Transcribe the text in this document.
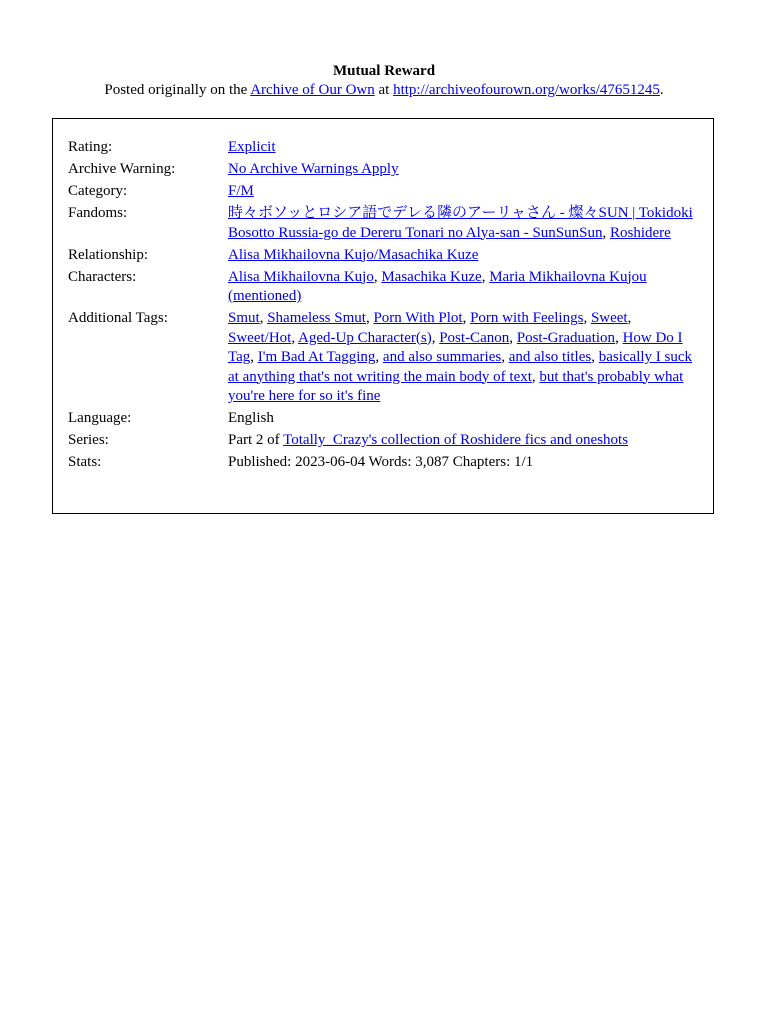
Mutual Reward
Posted originally on the Archive of Our Own at http://archiveofourown.org/works/47651245.
Rating:	Explicit
Archive Warning:	No Archive Warnings Apply
Category:	F/M
Fandoms:	時々ボソッとロシア語でデレる隣のアーリャさん - 燦々SUN | Tokidoki Bosotto Russia-go de Dereru Tonari no Alya-san - SunSunSun, Roshidere
Relationship:	Alisa Mikhailovna Kujo/Masachika Kuze
Characters:	Alisa Mikhailovna Kujo, Masachika Kuze, Maria Mikhailovna Kujou (mentioned)
Additional Tags:	Smut, Shameless Smut, Porn With Plot, Porn with Feelings, Sweet, Sweet/Hot, Aged-Up Character(s), Post-Canon, Post-Graduation, How Do I Tag, I'm Bad At Tagging, and also summaries, and also titles, basically I suck at anything that's not writing the main body of text, but that's probably what you're here for so it's fine
Language:	English
Series:	Part 2 of Totally_Crazy's collection of Roshidere fics and oneshots
Stats:	Published: 2023-06-04 Words: 3,087 Chapters: 1/1
